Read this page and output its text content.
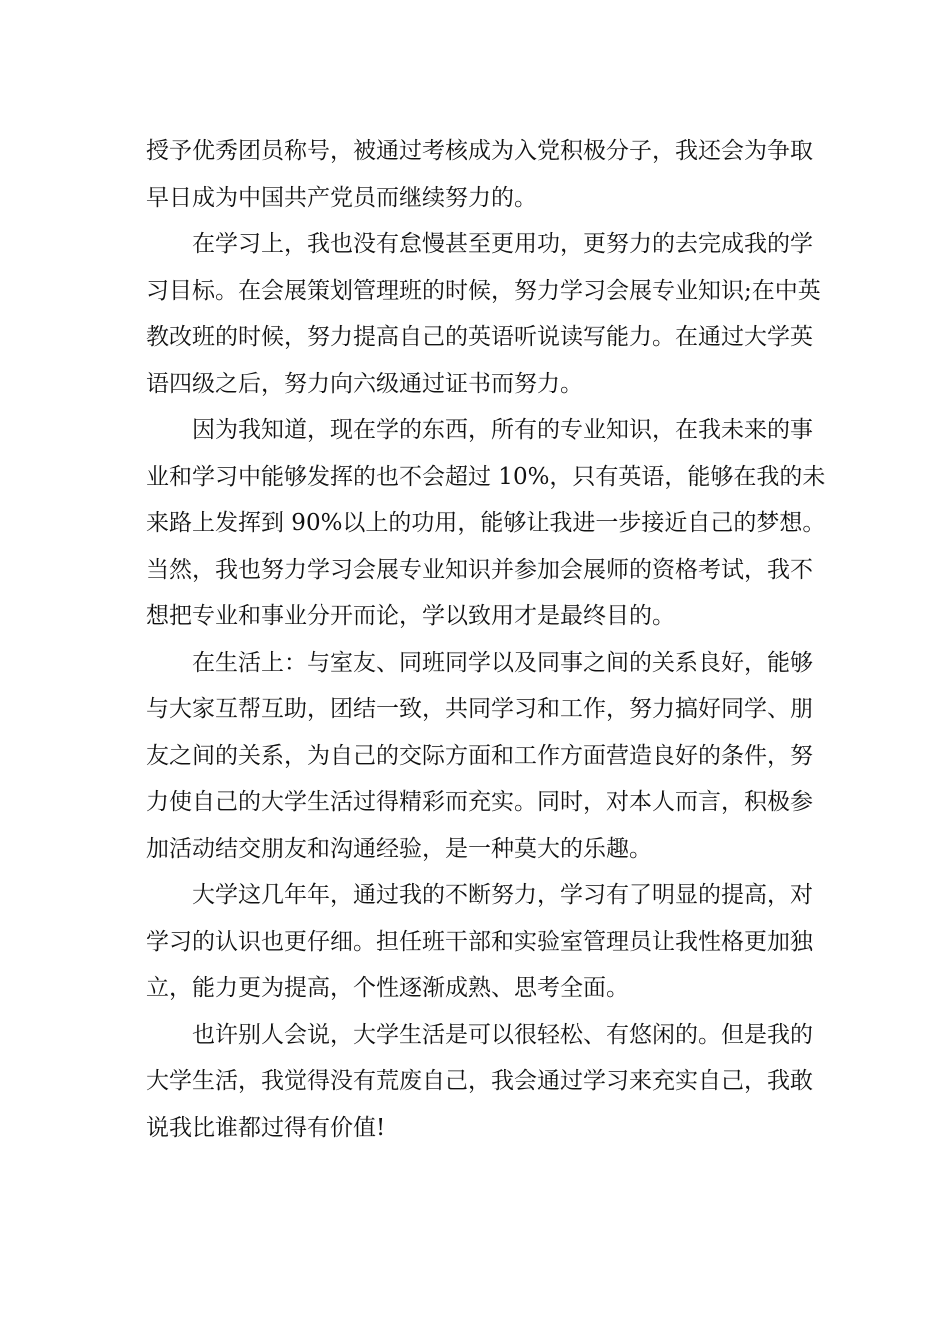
授予优秀团员称号，被通过考核成为入党积极分子，我还会为争取
早日成为中国共产党员而继续努力的。
在学习上，我也没有怠慢甚至更用功，更努力的去完成我的学
习目标。在会展策划管理班的时候，努力学习会展专业知识;在中英
教改班的时候，努力提高自己的英语听说读写能力。在通过大学英
语四级之后，努力向六级通过证书而努力。
因为我知道，现在学的东西，所有的专业知识，在我未来的事
业和学习中能够发挥的也不会超过 10%，只有英语，能够在我的未
来路上发挥到 90%以上的功用，能够让我进一步接近自己的梦想。
当然，我也努力学习会展专业知识并参加会展师的资格考试，我不
想把专业和事业分开而论，学以致用才是最终目的。
在生活上：与室友、同班同学以及同事之间的关系良好，能够
与大家互帮互助，团结一致，共同学习和工作，努力搞好同学、朋
友之间的关系，为自己的交际方面和工作方面营造良好的条件，努
力使自己的大学生活过得精彩而充实。同时，对本人而言，积极参
加活动结交朋友和沟通经验，是一种莫大的乐趣。
大学这几年年，通过我的不断努力，学习有了明显的提高，对
学习的认识也更仔细。担任班干部和实验室管理员让我性格更加独
立，能力更为提高，个性逐渐成熟、思考全面。
也许别人会说，大学生活是可以很轻松、有悠闲的。但是我的
大学生活，我觉得没有荒废自己，我会通过学习来充实自己，我敢
说我比谁都过得有价值!
